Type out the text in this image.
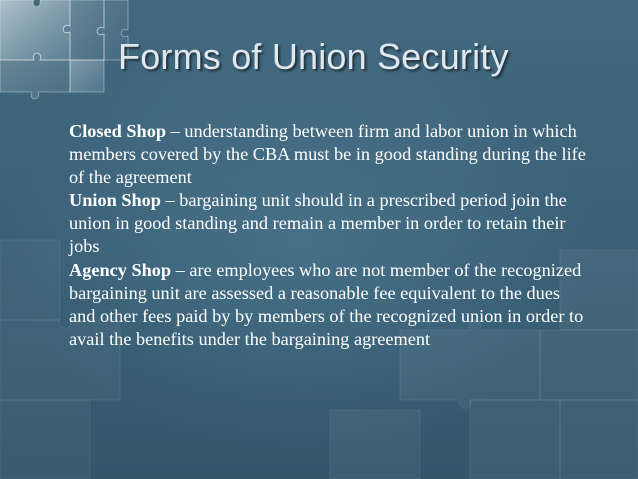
Forms of Union Security
Closed Shop – understanding between firm and labor union in which members covered by the CBA must be in good standing during the life of the agreement
Union Shop – bargaining unit should in a prescribed period join the union in good standing and remain a member in order to retain their jobs
Agency Shop – are employees who are not member of the recognized bargaining unit are assessed a reasonable fee equivalent to the dues and other fees paid by by members of the recognized union in order to avail the benefits under the bargaining agreement
